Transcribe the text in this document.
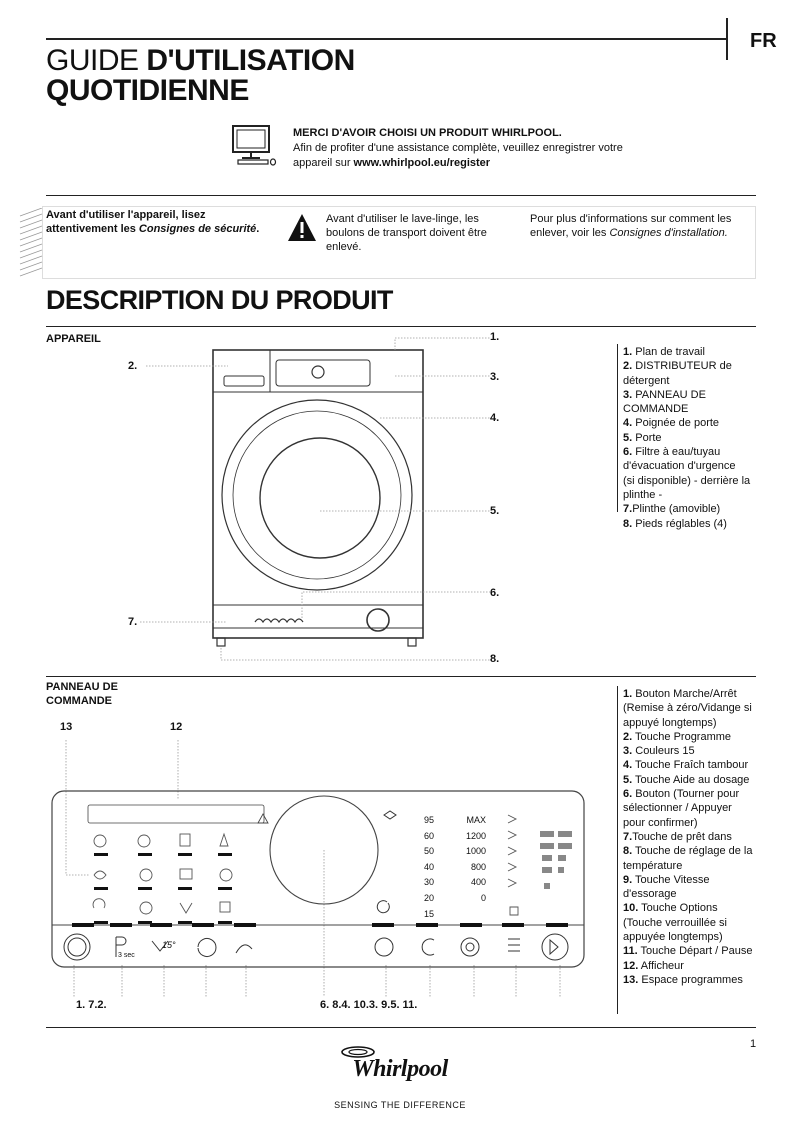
FR
GUIDE D'UTILISATION
QUOTIDIENNE
MERCI D'AVOIR CHOISI UN PRODUIT WHIRLPOOL.
Afin de profiter d'une assistance complète, veuillez enregistrer votre
appareil sur www.whirlpool.eu/register
Avant d'utiliser l'appareil, lisez
attentivement les Consignes de sécurité.
Avant d'utiliser le lave-linge, les boulons de transport doivent être enlevé.
Pour plus d'informations sur comment les enlever, voir les Consignes d'installation.
DESCRIPTION DU PRODUIT
APPAREIL	1.
2.
3.
4.
5.
6.
7.
8.
1. Plan de travail
2. DISTRIBUTEUR de
détergent
3. PANNEAU DE
COMMANDE
4. Poignée de porte
5. Porte
6. Filtre à eau/tuyau
d'évacuation d'urgence
(si disponible) - derrière la
plinthe -
7.Plinthe (amovible)
8. Pieds réglables (4)
PANNEAU DE
COMMANDE
13	12
95
60
50
40
30
20
15
MAX
1200
1000
800
400
0
15°
3 sec
1. 7.2.	6. 8.4. 10.3. 9.5. 11.
1. Bouton Marche/Arrêt
(Remise à zéro/Vidange si
appuyé longtemps)
2. Touche Programme
3. Couleurs 15
4. Touche Fraîch tambour
5. Touche Aide au dosage
6. Bouton (Tourner pour
sélectionner / Appuyer
pour confirmer)
7.Touche de prêt dans
8. Touche de réglage de la
température
9. Touche Vitesse
d'essorage
10. Touche Options
(Touche verrouillée si
appuyée longtemps)
11. Touche Départ / Pause
12. Afficheur
13. Espace programmes
1
Whirlpool
SENSING THE DIFFERENCE
